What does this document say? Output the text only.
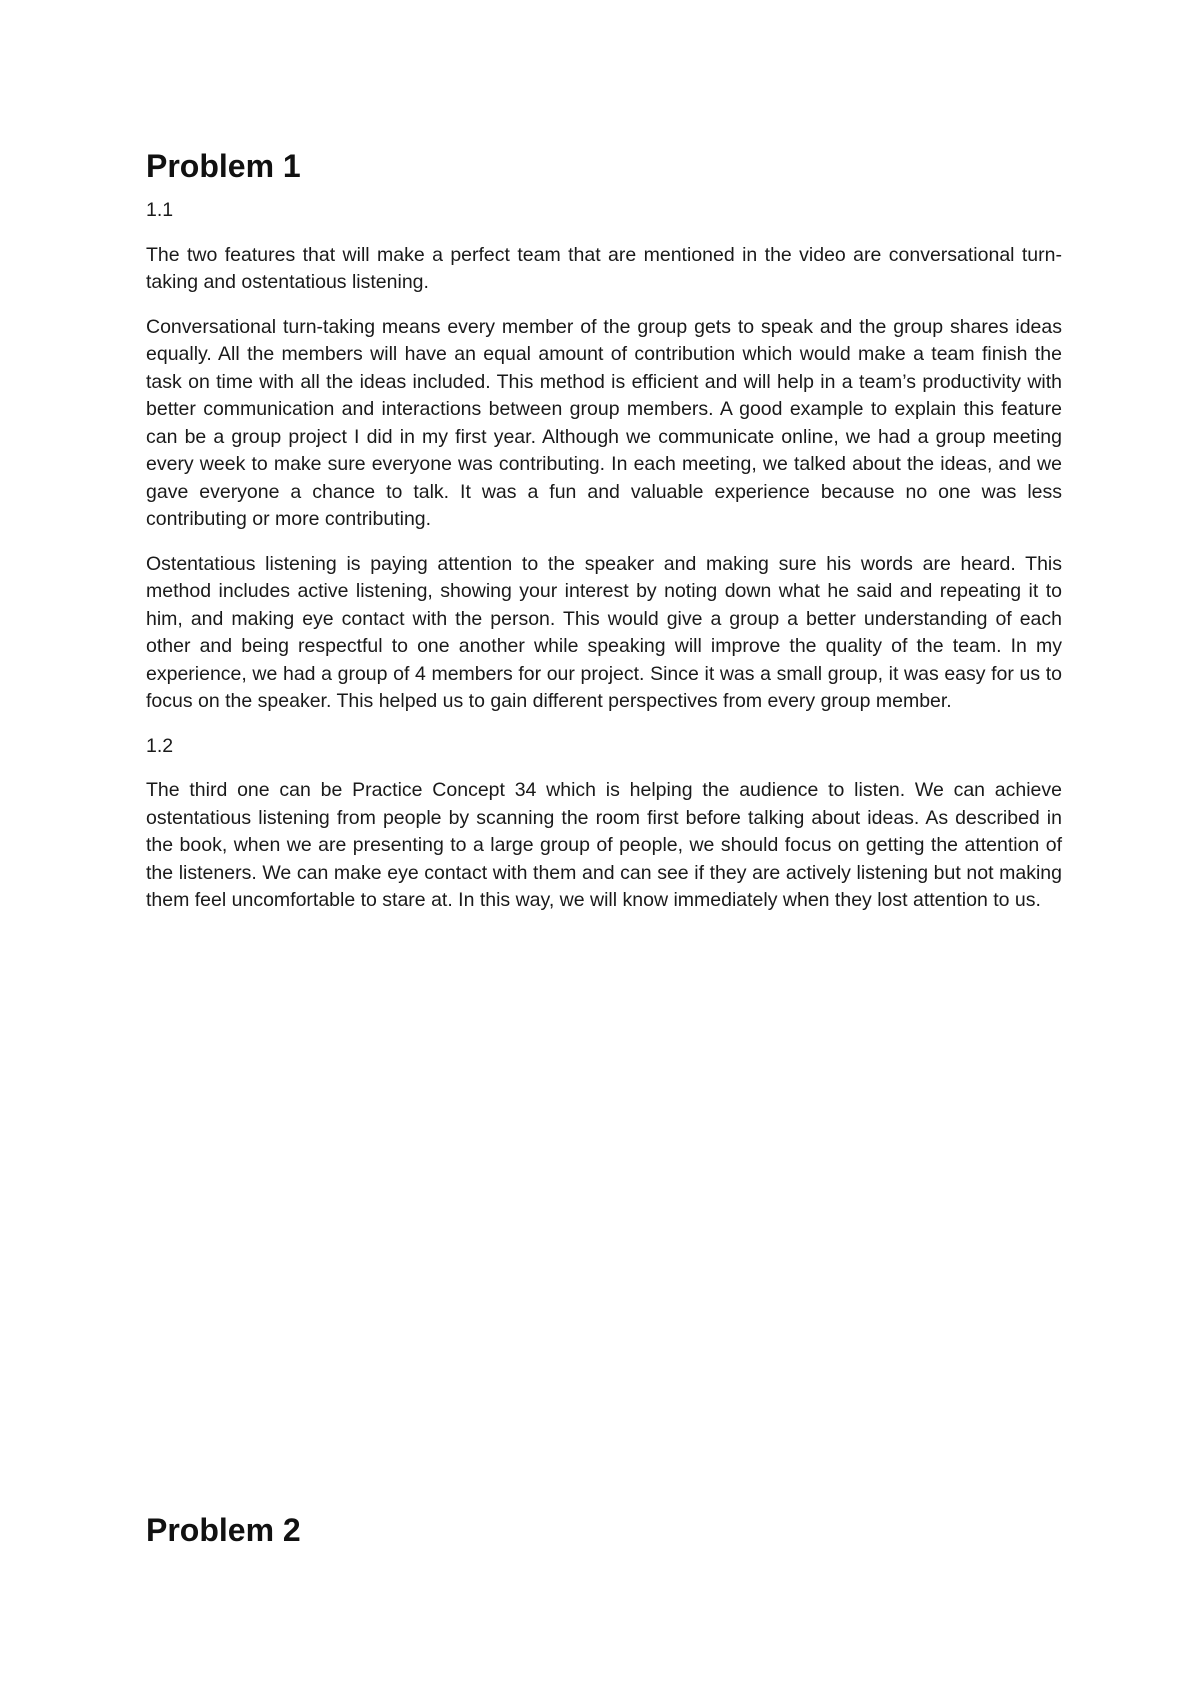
Problem 1
1.1

The two features that will make a perfect team that are mentioned in the video are conversational turn-taking and ostentatious listening.

Conversational turn-taking means every member of the group gets to speak and the group shares ideas equally. All the members will have an equal amount of contribution which would make a team finish the task on time with all the ideas included. This method is efficient and will help in a team’s productivity with better communication and interactions between group members. A good example to explain this feature can be a group project I did in my first year. Although we communicate online, we had a group meeting every week to make sure everyone was contributing. In each meeting, we talked about the ideas, and we gave everyone a chance to talk. It was a fun and valuable experience because no one was less contributing or more contributing.

Ostentatious listening is paying attention to the speaker and making sure his words are heard. This method includes active listening, showing your interest by noting down what he said and repeating it to him, and making eye contact with the person. This would give a group a better understanding of each other and being respectful to one another while speaking will improve the quality of the team. In my experience, we had a group of 4 members for our project. Since it was a small group, it was easy for us to focus on the speaker. This helped us to gain different perspectives from every group member.

1.2

The third one can be Practice Concept 34 which is helping the audience to listen. We can achieve ostentatious listening from people by scanning the room first before talking about ideas. As described in the book, when we are presenting to a large group of people, we should focus on getting the attention of the listeners. We can make eye contact with them and can see if they are actively listening but not making them feel uncomfortable to stare at. In this way, we will know immediately when they lost attention to us.

Problem 2
